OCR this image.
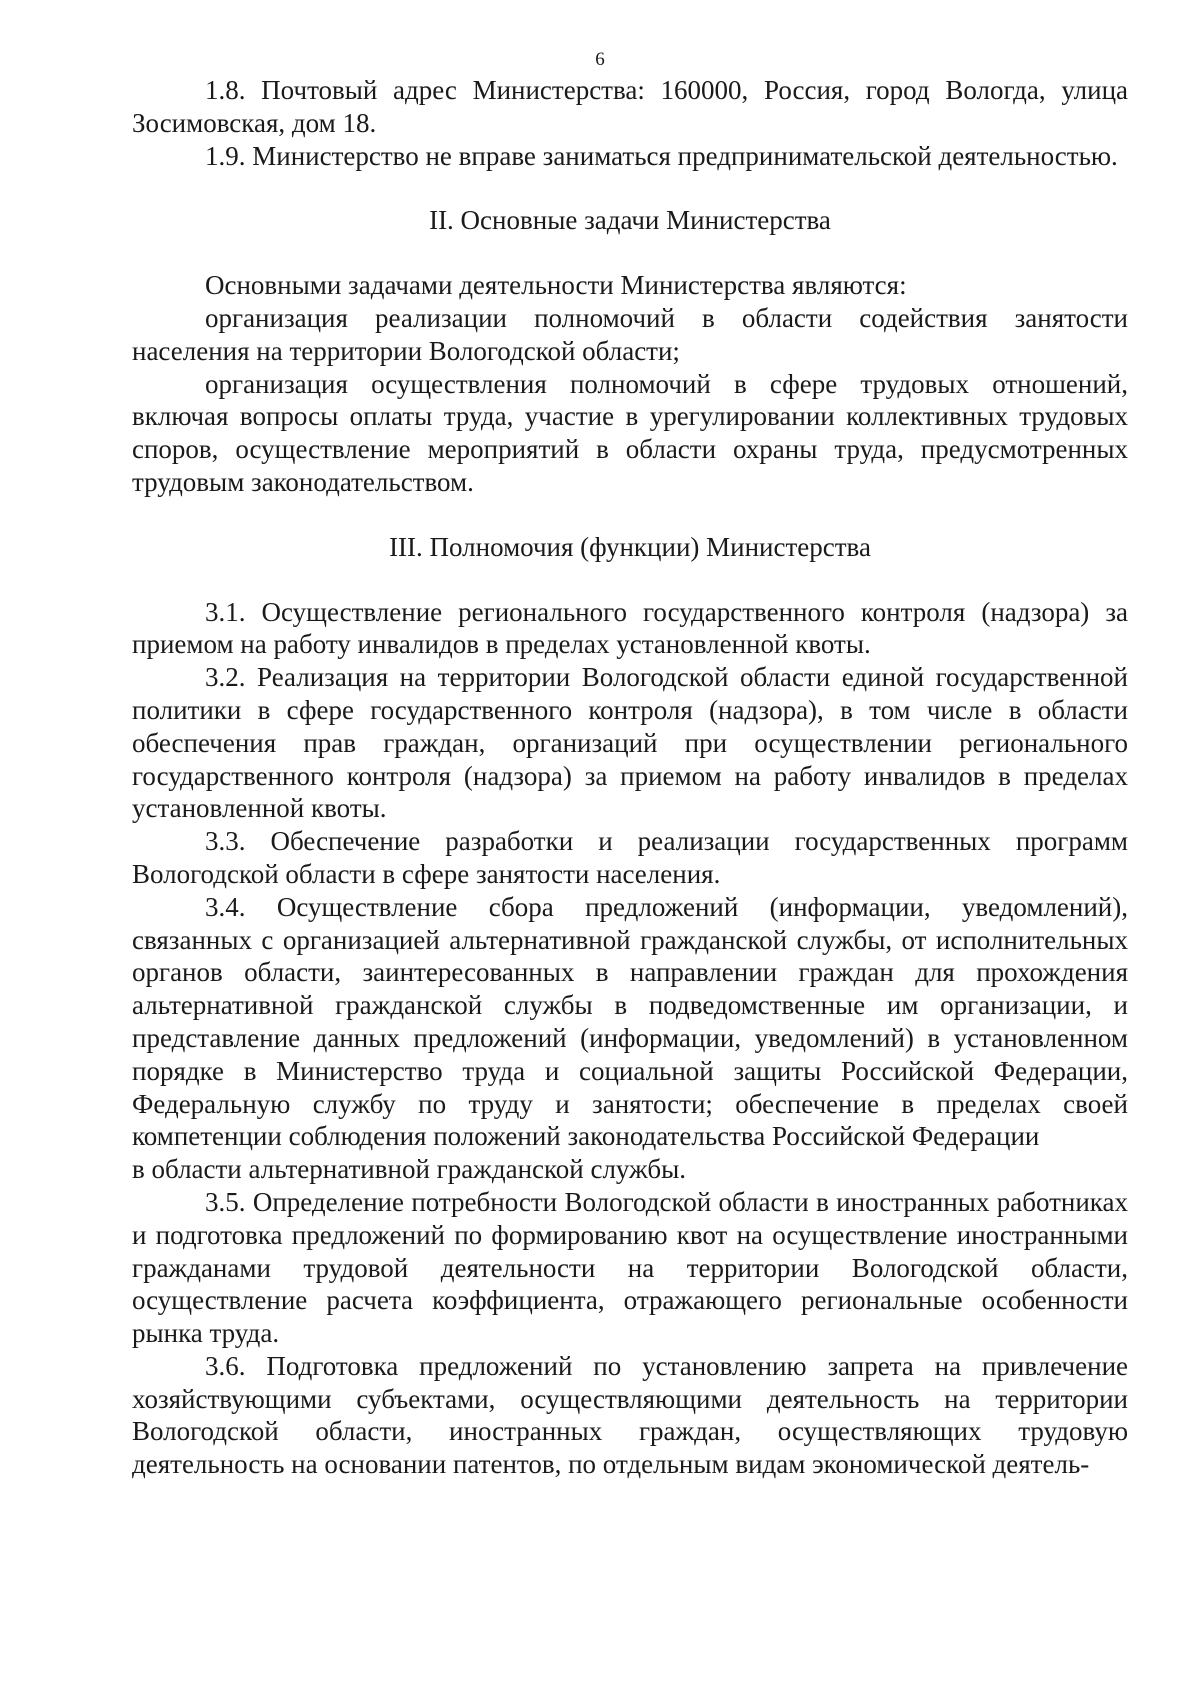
6

1.8. Почтовый адрес Министерства: 160000, Россия, город Вологда, улица Зосимовская, дом 18.

1.9. Министерство не вправе заниматься предпринимательской деятельностью.

II. Основные задачи Министерства

Основными задачами деятельности Министерства являются:

организация реализации полномочий в области содействия занятости населения на территории Вологодской области;

организация осуществления полномочий в сфере трудовых отношений, включая вопросы оплаты труда, участие в урегулировании коллективных трудовых споров, осуществление мероприятий в области охраны труда, предусмотренных трудовым законодательством.

III. Полномочия (функции) Министерства

3.1. Осуществление регионального государственного контроля (надзора) за приемом на работу инвалидов в пределах установленной квоты.

3.2. Реализация на территории Вологодской области единой государственной политики в сфере государственного контроля (надзора), в том числе в области обеспечения прав граждан, организаций при осуществлении регионального государственного контроля (надзора) за приемом на работу инвалидов в пределах установленной квоты.

3.3. Обеспечение разработки и реализации государственных программ Вологодской области в сфере занятости населения.

3.4. Осуществление сбора предложений (информации, уведомлений), связанных с организацией альтернативной гражданской службы, от исполнительных органов области, заинтересованных в направлении граждан для прохождения альтернативной гражданской службы в подведомственные им организации, и представление данных предложений (информации, уведомлений) в установленном порядке в Министерство труда и социальной защиты Российской Федерации, Федеральную службу по труду и занятости; обеспечение в пределах своей компетенции соблюдения положений законодательства Российской Федерации

в области альтернативной гражданской службы.

3.5. Определение потребности Вологодской области в иностранных работниках и подготовка предложений по формированию квот на осуществление иностранными гражданами трудовой деятельности на территории Вологодской области, осуществление расчета коэффициента, отражающего региональные особенности рынка труда.

3.6. Подготовка предложений по установлению запрета на привлечение хозяйствующими субъектами, осуществляющими деятельность на территории Вологодской области, иностранных граждан, осуществляющих трудовую деятельность на основании патентов, по отдельным видам экономической деятель-
